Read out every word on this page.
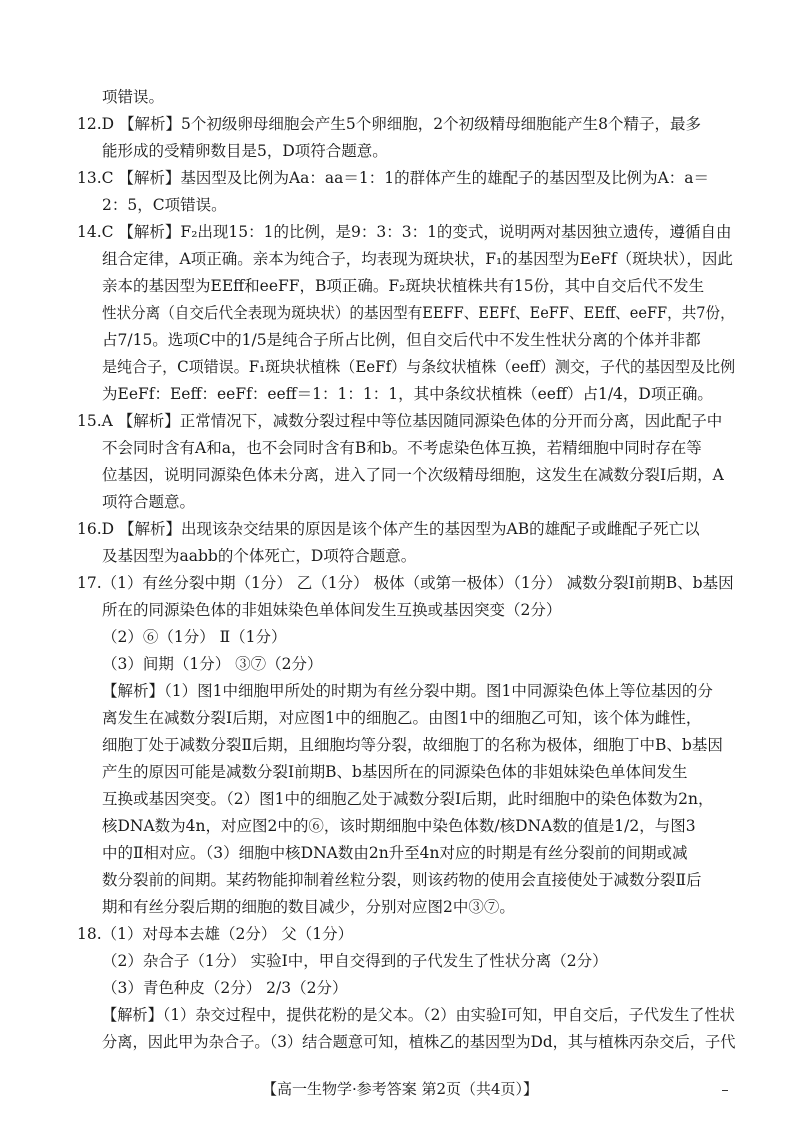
项错误。
12.D 【解析】5个初级卵母细胞会产生5个卵细胞，2个初级精母细胞能产生8个精子，最多
能形成的受精卵数目是5，D项符合题意。
13.C 【解析】基因型及比例为Aa：aa＝1：1的群体产生的雄配子的基因型及比例为A：a＝
2：5，C项错误。
14.C 【解析】F₂出现15：1的比例，是9：3：3：1的变式，说明两对基因独立遗传，遵循自由
组合定律，A项正确。亲本为纯合子，均表现为斑块状，F₁的基因型为EeFf（斑块状），因此
亲本的基因型为EEff和eeFF，B项正确。F₂斑块状植株共有15份，其中自交后代不发生
性状分离（自交后代全表现为斑块状）的基因型有EEFF、EEFf、EeFF、EEff、eeFF，共7份，
占7/15。选项C中的1/5是纯合子所占比例，但自交后代中不发生性状分离的个体并非都
是纯合子，C项错误。F₁斑块状植株（EeFf）与条纹状植株（eeff）测交，子代的基因型及比例
为EeFf：Eeff：eeFf：eeff＝1：1：1：1，其中条纹状植株（eeff）占1/4，D项正确。
15.A 【解析】正常情况下，减数分裂过程中等位基因随同源染色体的分开而分离，因此配子中
不会同时含有A和a，也不会同时含有B和b。不考虑染色体互换，若精细胞中同时存在等
位基因，说明同源染色体未分离，进入了同一个次级精母细胞，这发生在减数分裂Ⅰ后期，A
项符合题意。
16.D 【解析】出现该杂交结果的原因是该个体产生的基因型为AB的雄配子或雌配子死亡以
及基因型为aabb的个体死亡，D项符合题意。
17.（1）有丝分裂中期（1分） 乙（1分） 极体（或第一极体）（1分） 减数分裂Ⅰ前期B、b基因
所在的同源染色体的非姐妹染色单体间发生互换或基因突变（2分）
（2）⑥（1分） Ⅱ（1分）
（3）间期（1分） ③⑦（2分）
【解析】（1）图1中细胞甲所处的时期为有丝分裂中期。图1中同源染色体上等位基因的分
离发生在减数分裂Ⅰ后期，对应图1中的细胞乙。由图1中的细胞乙可知，该个体为雌性，
细胞丁处于减数分裂Ⅱ后期，且细胞均等分裂，故细胞丁的名称为极体，细胞丁中B、b基因
产生的原因可能是减数分裂Ⅰ前期B、b基因所在的同源染色体的非姐妹染色单体间发生
互换或基因突变。（2）图1中的细胞乙处于减数分裂Ⅰ后期，此时细胞中的染色体数为2n，
核DNA数为4n，对应图2中的⑥，该时期细胞中染色体数/核DNA数的值是1/2，与图3
中的Ⅱ相对应。（3）细胞中核DNA数由2n升至4n对应的时期是有丝分裂前的间期或减
数分裂前的间期。某药物能抑制着丝粒分裂，则该药物的使用会直接使处于减数分裂Ⅱ后
期和有丝分裂后期的细胞的数目减少，分别对应图2中③⑦。
18.（1）对母本去雄（2分） 父（1分）
（2）杂合子（1分） 实验Ⅰ中，甲自交得到的子代发生了性状分离（2分）
（3）青色种皮（2分） 2/3（2分）
【解析】（1）杂交过程中，提供花粉的是父本。（2）由实验Ⅰ可知，甲自交后，子代发生了性状
分离，因此甲为杂合子。（3）结合题意可知，植株乙的基因型为Dd，其与植株丙杂交后，子代
【高一生物学·参考答案 第2页（共4页）】
